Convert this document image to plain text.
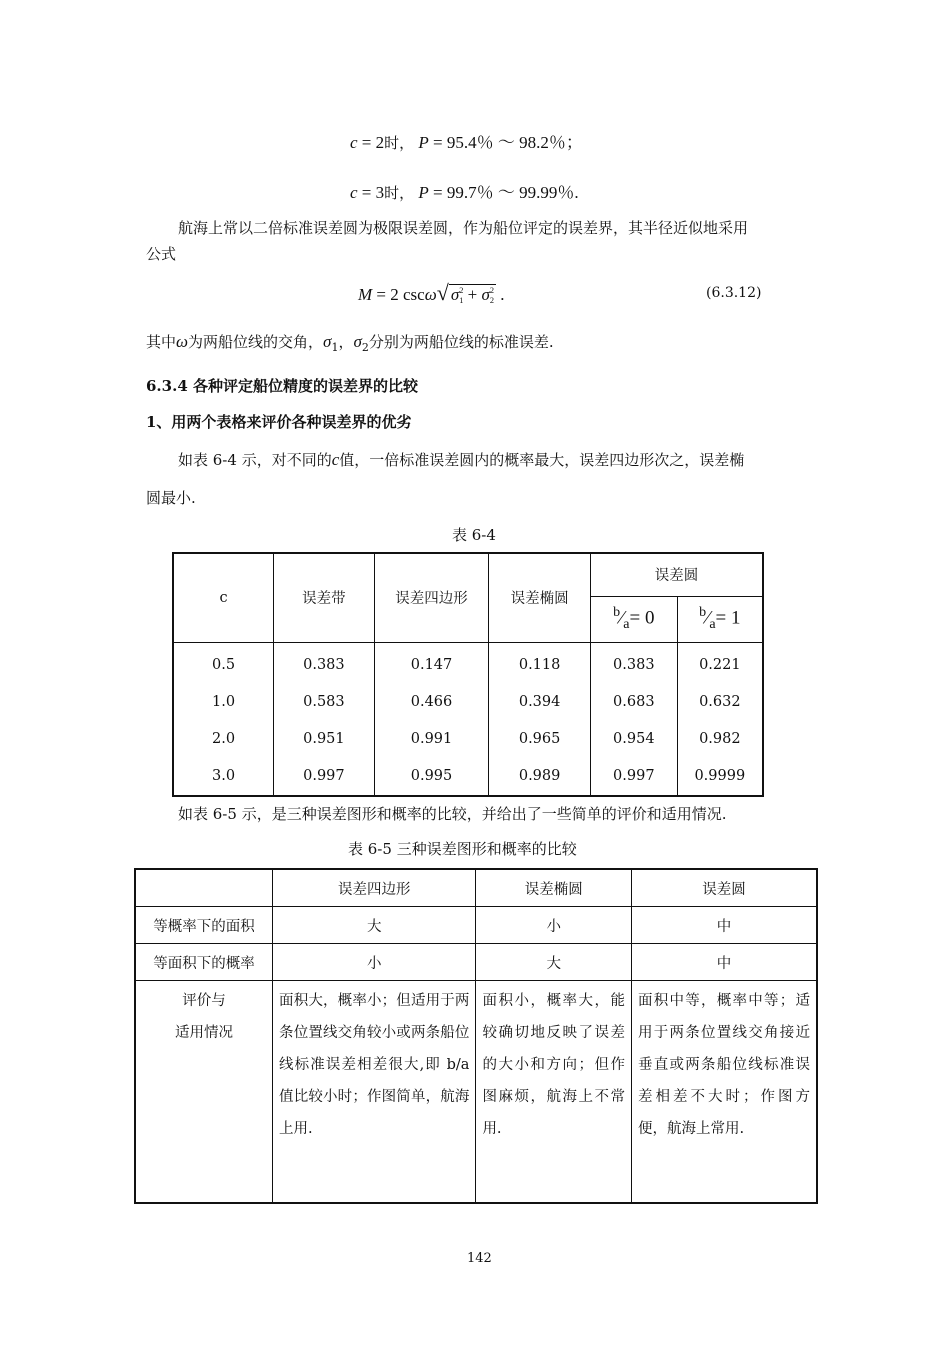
c = 2时， P = 95.4％ ～ 98.2％；
c = 3时， P = 99.7％ ～ 99.99％.
航海上常以二倍标准误差圆为极限误差圆，作为船位评定的误差界，其半径近似地采用
公式
M = 2 cscω√ σ 2
1 + σ 2
2 .	(6.3.12)
其中ω为两船位线的交角，$\sigma_1$，$\sigma_2$分别为两船位线的标准误差.
6.3.4 各种评定船位精度的误差界的比较
1、用两个表格来评价各种误差界的优劣
如表 6-4 示，对不同的c值，一倍标准误差圆内的概率最大，误差四边形次之，误差椭
圆最小.
表 6-4
c	误差带	误差四边形	误差椭圆	误差圆	
				$^b⁄_a= 0$	$^b⁄_a= 1$
0.5	0.383	0.147	0.118	0.383	0.221
1.0	0.583	0.466	0.394	0.683	0.632
2.0	0.951	0.991	0.965	0.954	0.982
3.0	0.997	0.995	0.989	0.997	0.9999
如表 6-5 示，是三种误差图形和概率的比较，并给出了一些简单的评价和适用情况.
表 6-5 三种误差图形和概率的比较
	误差四边形	误差椭圆	误差圆
等概率下的面积	大	小	中
等面积下的概率	小	大	中

评价与
适用情况	面积大，概率小；但适用于两条位置线交角较小或两条船位线标准误差相差很大,即 b/a 值比较小时；作图简单，航海上用.	面积小，概率大，能较确切地反映了误差的大小和方向；但作图麻烦，航海上不常用.	面积中等，概率中等；适用于两条位置线交角接近垂直或两条船位线标准误差相差不大时；作图方便，航海上常用.
142
